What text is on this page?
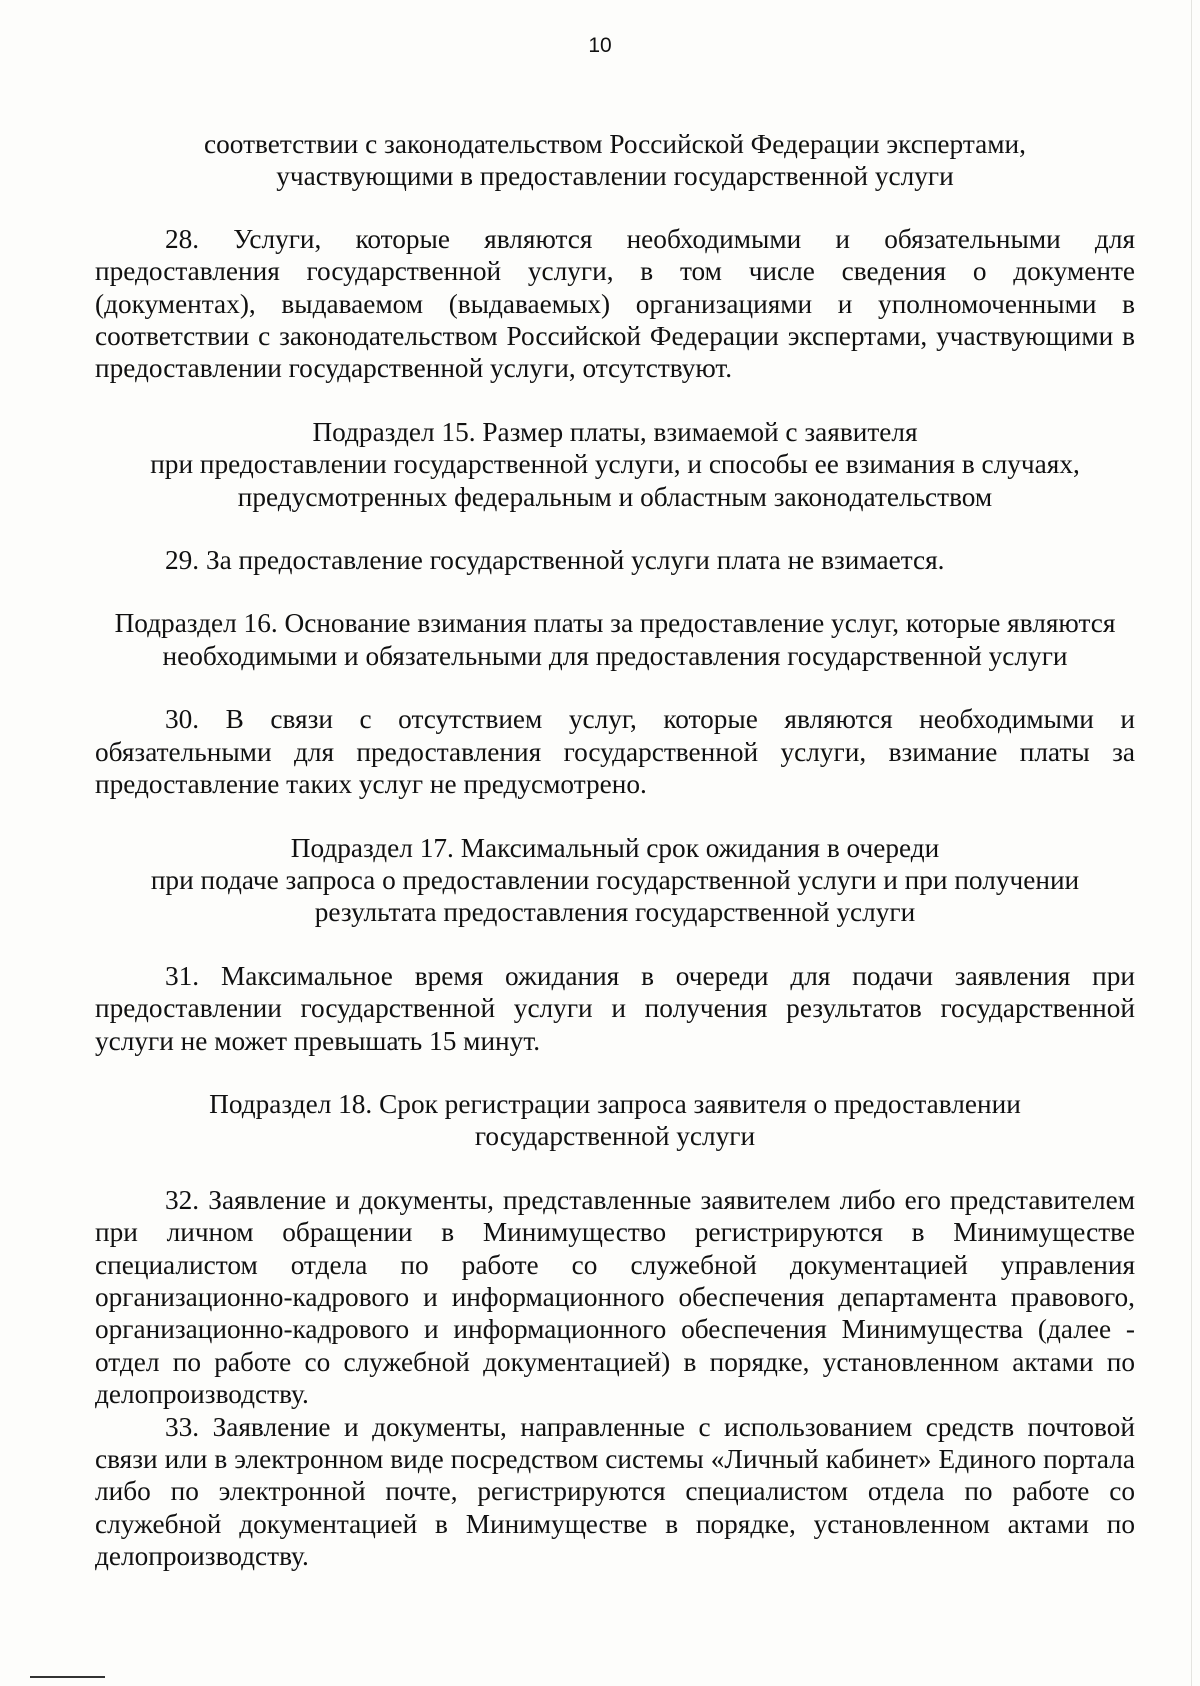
10

соответствии с законодательством Российской Федерации экспертами,

участвующими в предоставлении государственной услуги

28. Услуги, которые являются необходимыми и обязательными для предоставления государственной услуги, в том числе сведения о документе (документах), выдаваемом (выдаваемых) организациями и уполномоченными в соответствии с законодательством Российской Федерации экспертами, участвующими в предоставлении государственной услуги, отсутствуют.

Подраздел 15. Размер платы, взимаемой с заявителя

при предоставлении государственной услуги, и способы ее взимания в случаях,

предусмотренных федеральным и областным законодательством

29. За предоставление государственной услуги плата не взимается.

Подраздел 16. Основание взимания платы за предоставление услуг, которые являются

необходимыми и обязательными для предоставления государственной услуги

30. В связи с отсутствием услуг, которые являются необходимыми и обязательными для предоставления государственной услуги, взимание платы за предоставление таких услуг не предусмотрено.

Подраздел 17. Максимальный срок ожидания в очереди

при подаче запроса о предоставлении государственной услуги и при получении

результата предоставления государственной услуги

31. Максимальное время ожидания в очереди для подачи заявления при предоставлении государственной услуги и получения результатов государственной услуги не может превышать 15 минут.

Подраздел 18. Срок регистрации запроса заявителя о предоставлении

государственной услуги

32. Заявление и документы, представленные заявителем либо его представителем при личном обращении в Минимущество регистрируются в Минимуществе специалистом отдела по работе со служебной документацией управления организационно-кадрового и информационного обеспечения департамента правового, организационно-кадрового и информационного обеспечения Минимущества (далее - отдел по работе со служебной документацией) в порядке, установленном актами по делопроизводству.

33. Заявление и документы, направленные с использованием средств почтовой связи или в электронном виде посредством системы «Личный кабинет» Единого портала либо по электронной почте, регистрируются специалистом отдела по работе со служебной документацией в Минимуществе в порядке, установленном актами по делопроизводству.
